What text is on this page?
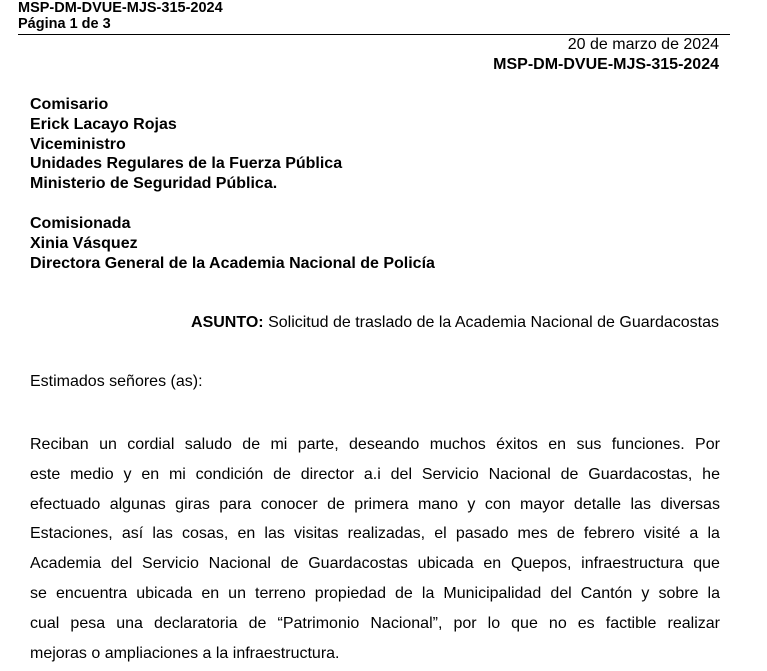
MSP-DM-DVUE-MJS-315-2024
Página 1 de 3
20 de marzo de 2024
MSP-DM-DVUE-MJS-315-2024
Comisario
Erick Lacayo Rojas
Viceministro
Unidades Regulares de la Fuerza Pública
Ministerio de Seguridad Pública.
Comisionada
Xinia Vásquez
Directora General de la Academia Nacional de Policía
ASUNTO: Solicitud de traslado de la Academia Nacional de Guardacostas
Estimados señores (as):
Reciban un cordial saludo de mi parte, deseando muchos éxitos en sus funciones. Por
este medio y en mi condición de director a.i del Servicio Nacional de Guardacostas, he
efectuado algunas giras para conocer de primera mano y con mayor detalle las diversas
Estaciones, así las cosas, en las visitas realizadas, el pasado mes de febrero visité a la
Academia del Servicio Nacional de Guardacostas ubicada en Quepos, infraestructura que
se encuentra ubicada en un terreno propiedad de la Municipalidad del Cantón y sobre la
cual pesa una declaratoria de “Patrimonio Nacional”, por lo que no es factible realizar
mejoras o ampliaciones a la infraestructura.
